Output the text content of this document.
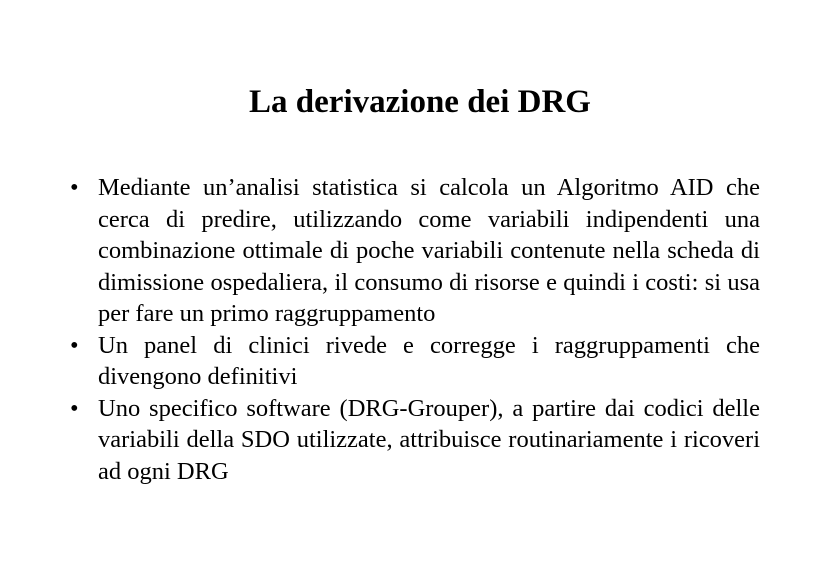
La derivazione dei DRG
• Mediante un’analisi statistica si calcola un Algoritmo AID che cerca di predire, utilizzando come variabili indipendenti una combinazione ottimale di poche variabili contenute nella scheda di dimissione ospedaliera, il consumo di risorse e quindi i costi: si usa per fare un primo raggruppamento
• Un panel di clinici rivede e corregge i raggruppamenti che divengono definitivi
• Uno specifico software (DRG-Grouper), a partire dai codici delle variabili della SDO utilizzate, attribuisce routinariamente i ricoveri ad ogni DRG
